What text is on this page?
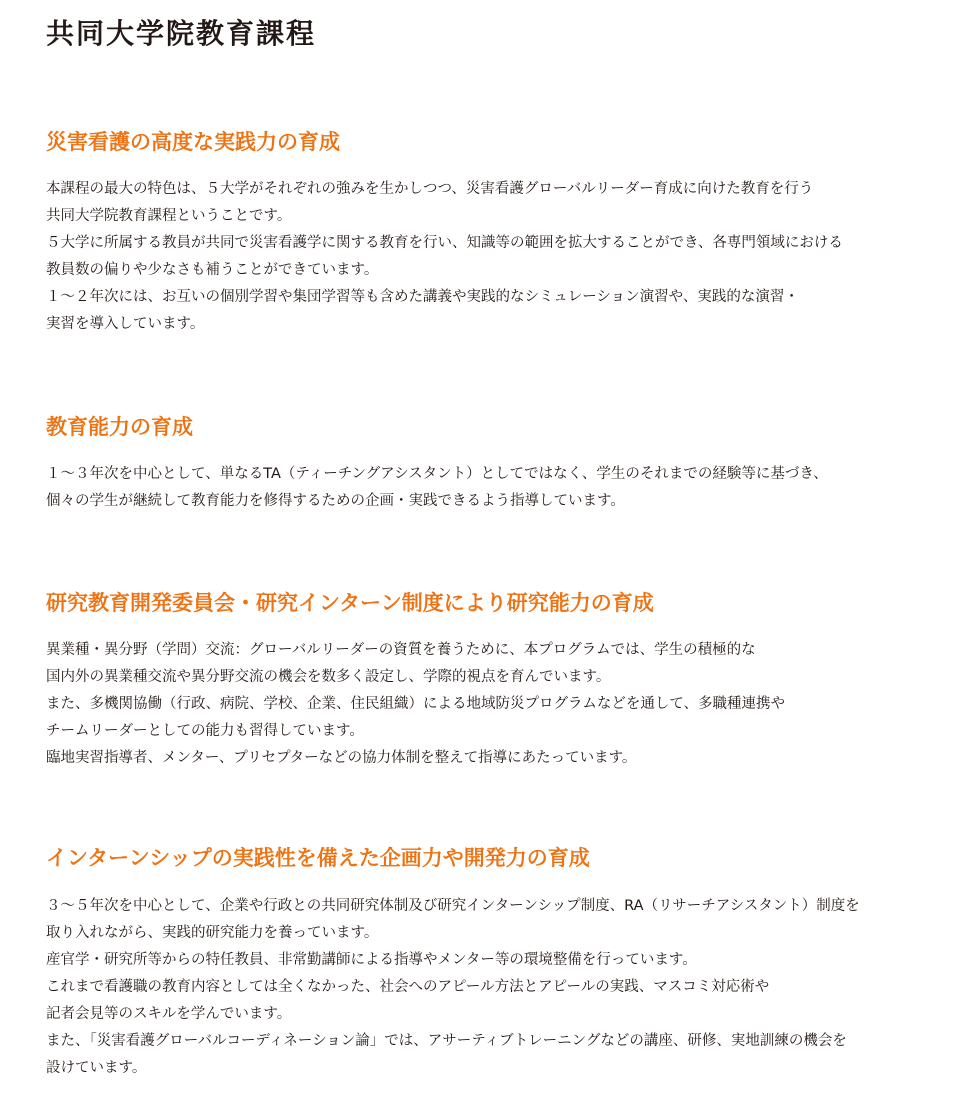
共同大学院教育課程
災害看護の高度な実践力の育成
本課程の最大の特色は、５大学がそれぞれの強みを生かしつつ、災害看護グローバルリーダー育成に向けた教育を行う
共同大学院教育課程ということです。
５大学に所属する教員が共同で災害看護学に関する教育を行い、知識等の範囲を拡大することができ、各専門領域における
教員数の偏りや少なさも補うことができています。
１～２年次には、お互いの個別学習や集団学習等も含めた講義や実践的なシミュレーション演習や、実践的な演習・
実習を導入しています。
教育能力の育成
１～３年次を中心として、単なるTA（ティーチングアシスタント）としてではなく、学生のそれまでの経験等に基づき、
個々の学生が継続して教育能力を修得するための企画・実践できるよう指導しています。
研究教育開発委員会・研究インターン制度により研究能力の育成
異業種・異分野（学問）交流：グローバルリーダーの資質を養うために、本プログラムでは、学生の積極的な
国内外の異業種交流や異分野交流の機会を数多く設定し、学際的視点を育んでいます。
また、多機関協働（行政、病院、学校、企業、住民組織）による地域防災プログラムなどを通して、多職種連携や
チームリーダーとしての能力も習得しています。
臨地実習指導者、メンター、プリセプターなどの協力体制を整えて指導にあたっています。
インターンシップの実践性を備えた企画力や開発力の育成
３～５年次を中心として、企業や行政との共同研究体制及び研究インターンシップ制度、RA（リサーチアシスタント）制度を
取り入れながら、実践的研究能力を養っています。
産官学・研究所等からの特任教員、非常勤講師による指導やメンター等の環境整備を行っています。
これまで看護職の教育内容としては全くなかった、社会へのアピール方法とアピールの実践、マスコミ対応術や
記者会見等のスキルを学んでいます。
また、「災害看護グローバルコーディネーション論」では、アサーティブトレーニングなどの講座、研修、実地訓練の機会を
設けています。
